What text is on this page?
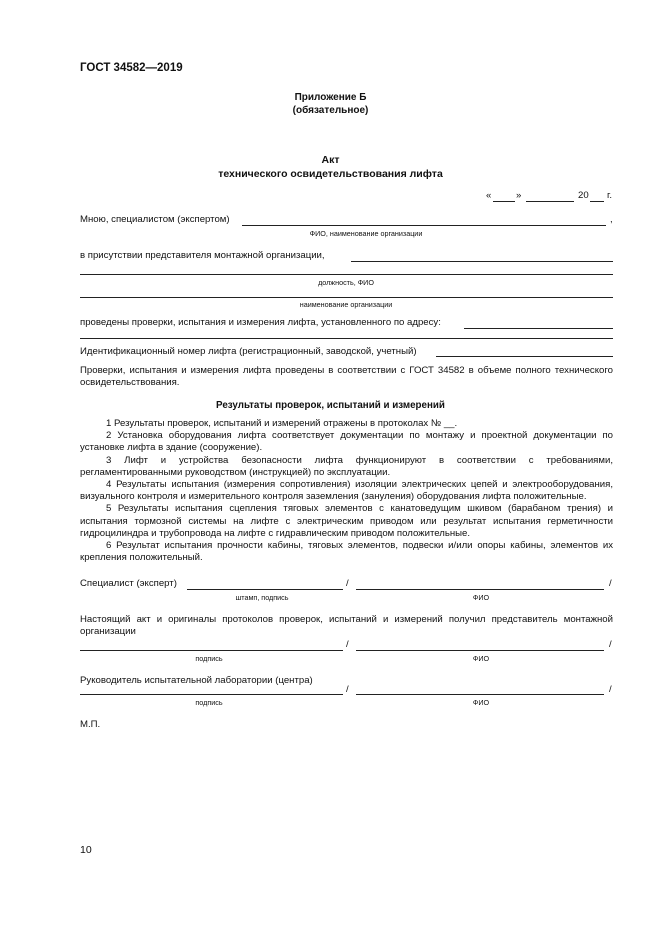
ГОСТ 34582—2019
Приложение Б
(обязательное)
Акт
технического освидетельствования лифта
«	»	20 г.
Мною, специалистом (экспертом)	,
ФИО, наименование организации
в присутствии представителя монтажной организации,
должность, ФИО
наименование организации
проведены проверки, испытания и измерения лифта, установленного по адресу:
Идентификационный номер лифта (регистрационный, заводской, учетный)
Проверки, испытания и измерения лифта проведены в соответствии с ГОСТ 34582 в объеме полного технического освидетельствования.
Результаты проверок, испытаний и измерений

1 Результаты проверок, испытаний и измерений отражены в протоколах № __.

2 Установка оборудования лифта соответствует документации по монтажу и проектной документации по установке лифта в здание (сооружение).

3 Лифт и устройства безопасности лифта функционируют в соответствии с требованиями, регламентированными руководством (инструкцией) по эксплуатации.

4 Результаты испытания (измерения сопротивления) изоляции электрических цепей и электрооборудования, визуального контроля и измерительного контроля заземления (зануления) оборудования лифта положительные.

5 Результаты испытания сцепления тяговых элементов с канатоведущим шкивом (барабаном трения) и испытания тормозной системы на лифте с электрическим приводом или результат испытания герметичности гидроцилиндра и трубопровода на лифте с гидравлическим приводом положительные.

6 Результат испытания прочности кабины, тяговых элементов, подвески и/или опоры кабины, элементов их крепления положительный.

Специалист (эксперт)	/	/
штамп, подпись	ФИО
Настоящий акт и оригиналы протоколов проверок, испытаний и измерений получил представитель монтажной организации
/	/
подпись	ФИО
Руководитель испытательной лаборатории (центра)
/	/
подпись	ФИО
М.П.
10
